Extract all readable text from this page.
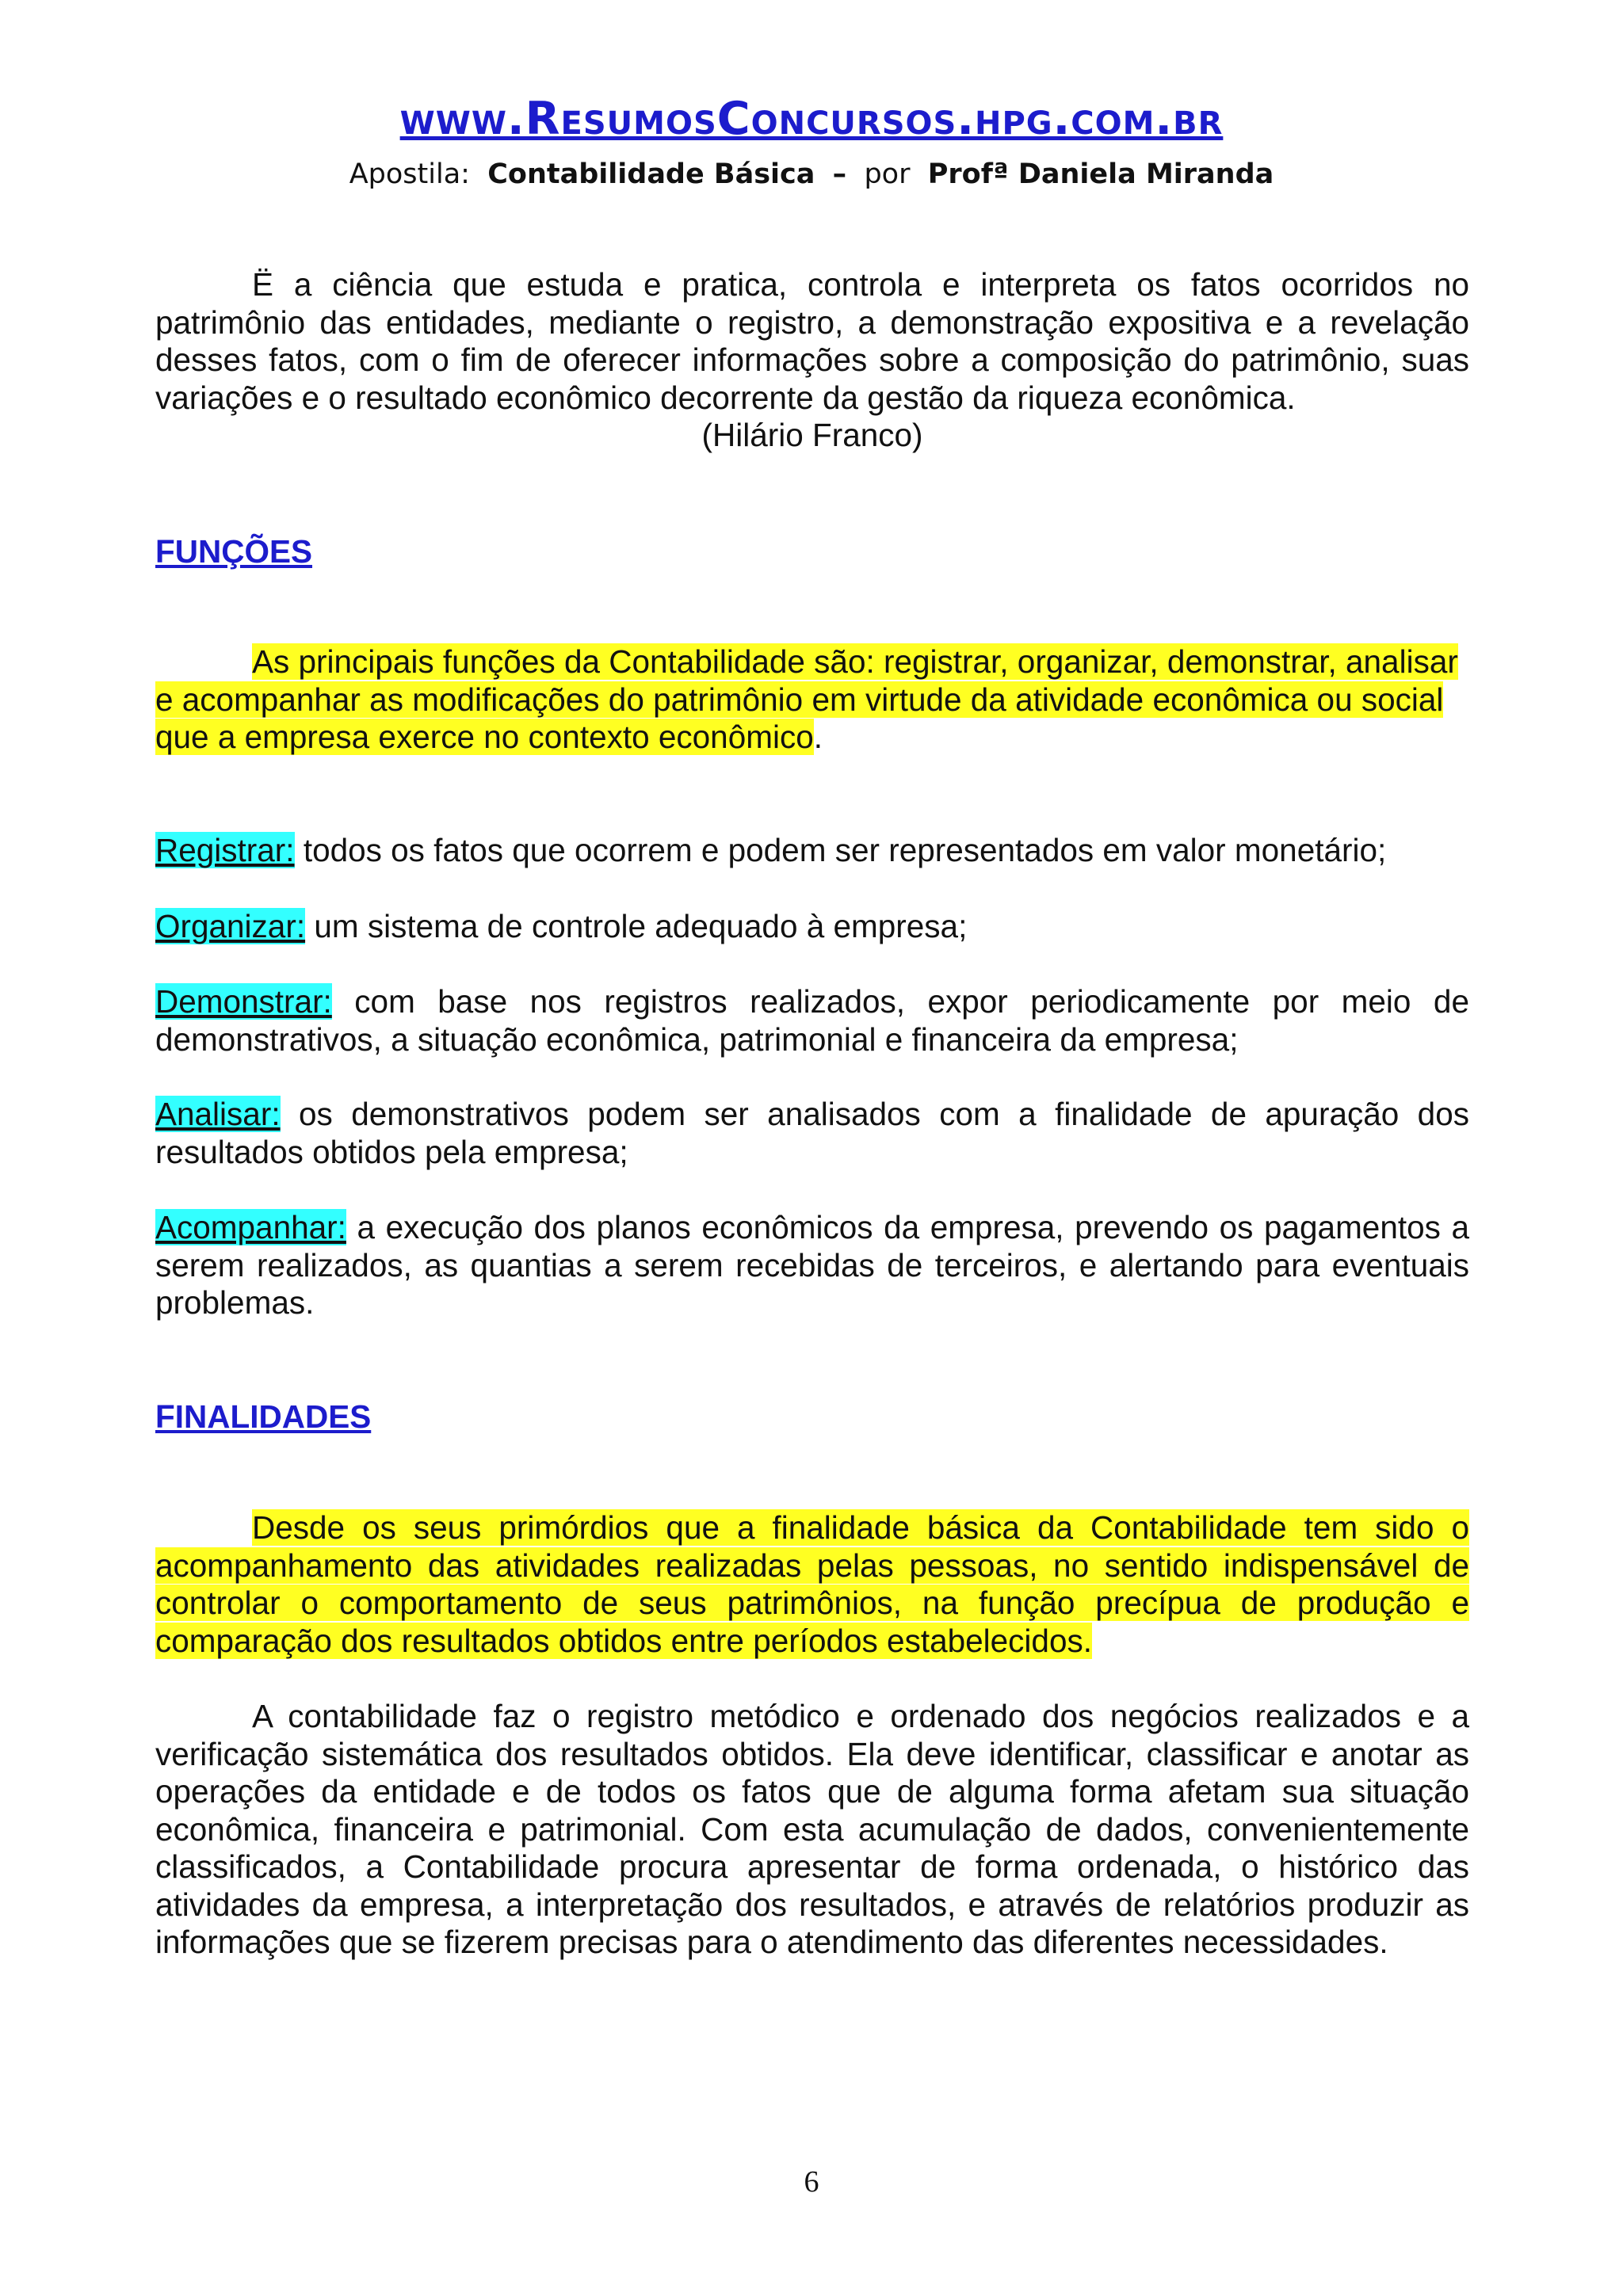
www.ResumosConcursos.hpg.com.br
Apostila: Contabilidade Básica – por Profª Daniela Miranda

Ë a ciência que estuda e pratica, controla e interpreta os fatos ocorridos no patrimônio das entidades, mediante o registro, a demonstração expositiva e a revelação desses fatos, com o fim de oferecer informações sobre a composição do patrimônio, suas variações e o resultado econômico decorrente da gestão da riqueza econômica.

(Hilário Franco)

FUNÇÕES

As principais funções da Contabilidade são: registrar, organizar, demonstrar, analisar e acompanhar as modificações do patrimônio em virtude da atividade econômica ou social que a empresa exerce no contexto econômico.

Registrar: todos os fatos que ocorrem e podem ser representados em valor monetário;
Organizar: um sistema de controle adequado à empresa;
Demonstrar: com base nos registros realizados, expor periodicamente por meio de demonstrativos, a situação econômica, patrimonial e financeira da empresa;
Analisar: os demonstrativos podem ser analisados com a finalidade de apuração dos resultados obtidos pela empresa;
Acompanhar: a execução dos planos econômicos da empresa, prevendo os pagamentos a serem realizados, as quantias a serem recebidas de terceiros, e alertando para eventuais problemas.
FINALIDADES

Desde os seus primórdios que a finalidade básica da Contabilidade tem sido o acompanhamento das atividades realizadas pelas pessoas, no sentido indispensável de controlar o comportamento de seus patrimônios, na função precípua de produção e comparação dos resultados obtidos entre períodos estabelecidos.

A contabilidade faz o registro metódico e ordenado dos negócios realizados e a verificação sistemática dos resultados obtidos. Ela deve identificar, classificar e anotar as operações da entidade e de todos os fatos que de alguma forma afetam sua situação econômica, financeira e patrimonial. Com esta acumulação de dados, convenientemente classificados, a Contabilidade procura apresentar de forma ordenada, o histórico das atividades da empresa, a interpretação dos resultados, e através de relatórios produzir as informações que se fizerem precisas para o atendimento das diferentes necessidades.

6
